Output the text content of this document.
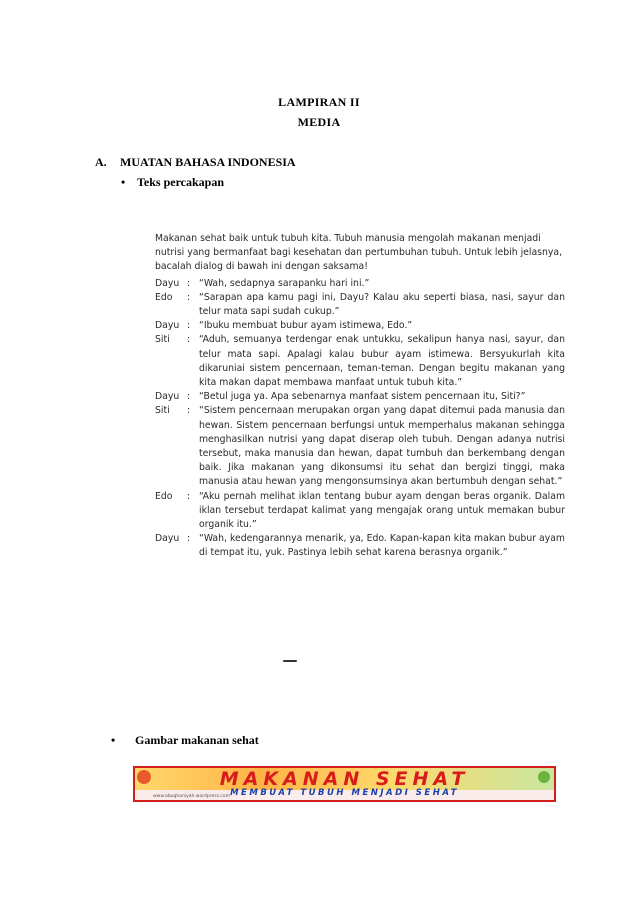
LAMPIRAN II
MEDIA
A. MUATAN BAHASA INDONESIA
• Teks percakapan

Makanan sehat baik untuk tubuh kita. Tubuh manusia mengolah makanan menjadi nutrisi yang bermanfaat bagi kesehatan dan pertumbuhan tubuh. Untuk lebih jelasnya, bacalah dialog di bawah ini dengan saksama!

Dayu : “Wah, sedapnya sarapanku hari ini.”
Edo	: “Sarapan apa kamu pagi ini, Dayu? Kalau aku seperti biasa, nasi, sayur dan telur mata sapi sudah cukup.”
Dayu : “Ibuku membuat bubur ayam istimewa, Edo.”
Siti	: “Aduh, semuanya terdengar enak untukku, sekalipun hanya nasi, sayur, dan telur mata sapi. Apalagi kalau bubur ayam istimewa. Bersyukurlah kita dikaruniai sistem pencernaan, teman-teman. Dengan begitu makanan yang kita makan dapat membawa manfaat untuk tubuh kita.”
Dayu : “Betul juga ya. Apa sebenarnya manfaat sistem pencernaan itu, Siti?”
Siti	: “Sistem pencernaan merupakan organ yang dapat ditemui pada manusia dan hewan. Sistem pencernaan berfungsi untuk memperhalus makanan sehingga menghasilkan nutrisi yang dapat diserap oleh tubuh. Dengan adanya nutrisi tersebut, maka manusia dan hewan, dapat tumbuh dan berkembang dengan baik. Jika makanan yang dikonsumsi itu sehat dan bergizi tinggi, maka manusia atau hewan yang mengonsumsinya akan bertumbuh dengan sehat.”
Edo	: “Aku pernah melihat iklan tentang bubur ayam dengan beras organik. Dalam iklan tersebut terdapat kalimat yang mengajak orang untuk memakan bubur organik itu.”
Dayu : “Wah, kedengarannya menarik, ya, Edo. Kapan-kapan kita makan bubur ayam di tempat itu, yuk. Pastinya lebih sehat karena berasnya organik.”
• Gambar makanan sehat
MAKANAN SEHAT
MEMBUAT TUBUH MENJADI SEHAT
www.abughaniyah.wordpress.com
